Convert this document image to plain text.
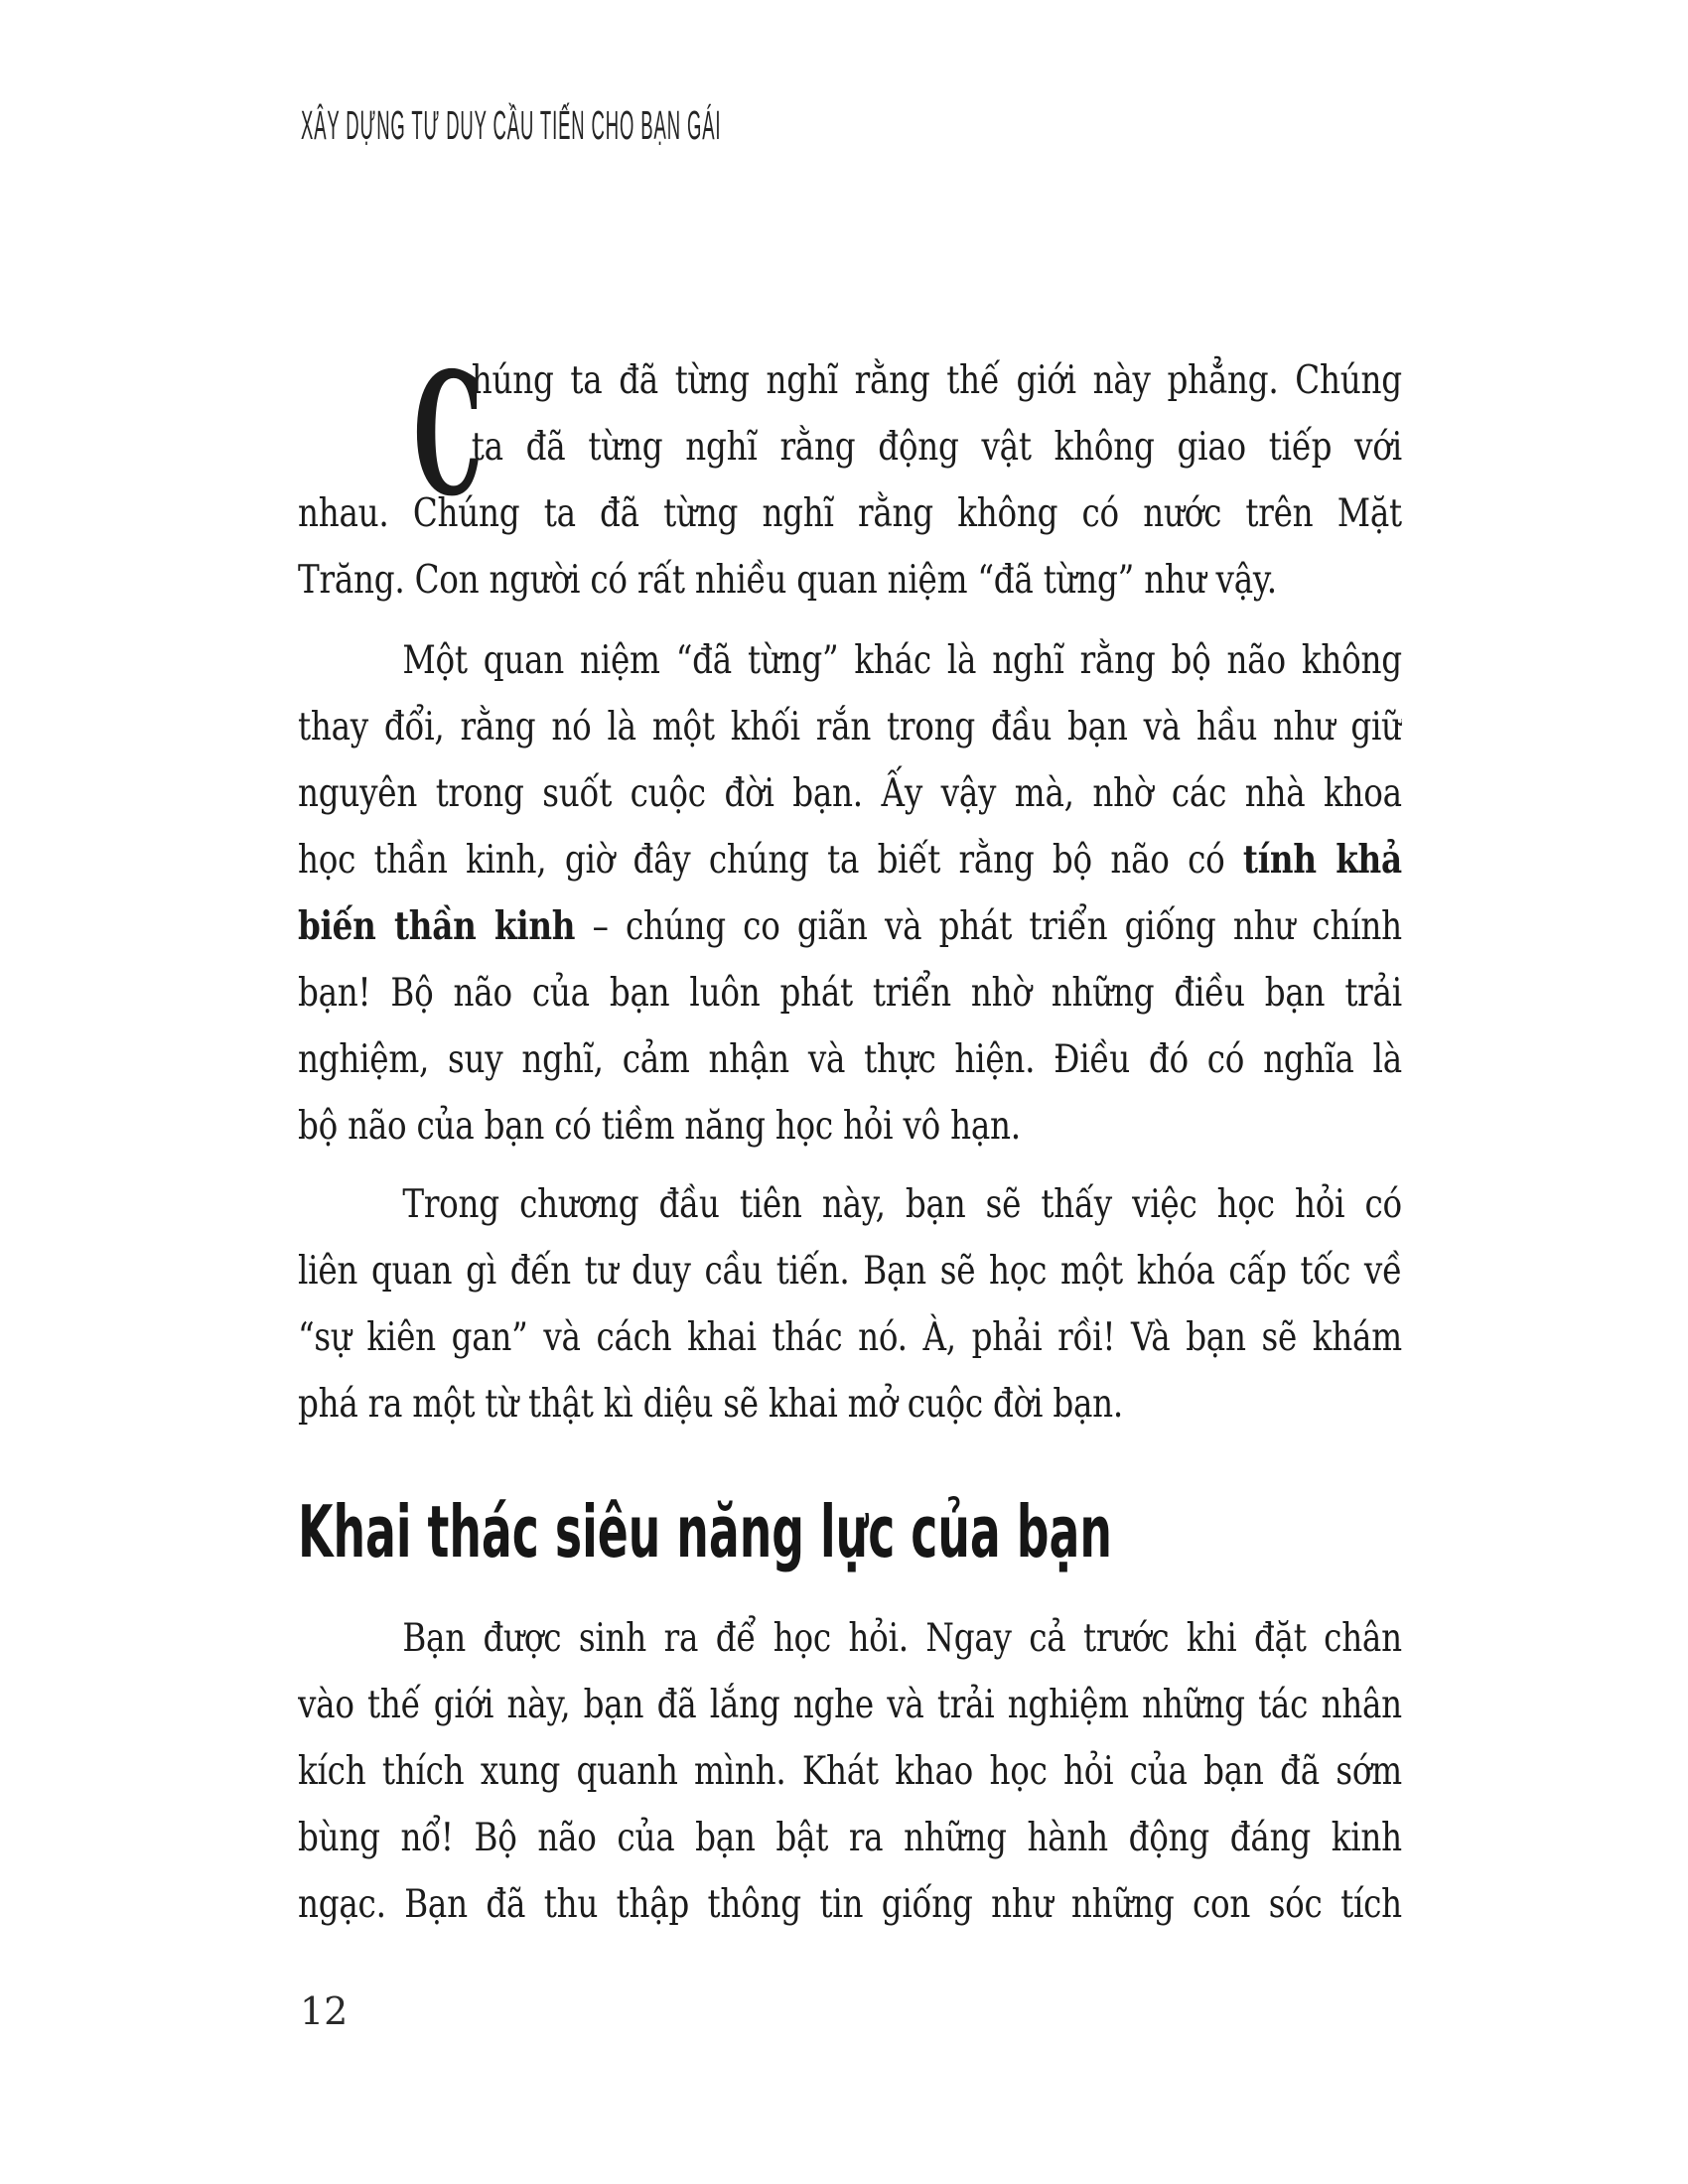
XÂY DỰNG TƯ DUY CẦU TIẾN CHO BẠN GÁI
C
húng ta đã từng nghĩ rằng thế giới này phẳng. Chúng
ta đã từng nghĩ rằng động vật không giao tiếp với
nhau. Chúng ta đã từng nghĩ rằng không có nước trên Mặt
Trăng. Con người có rất nhiều quan niệm “đã từng” như vậy.
Một quan niệm “đã từng” khác là nghĩ rằng bộ não không
thay đổi, rằng nó là một khối rắn trong đầu bạn và hầu như giữ
nguyên trong suốt cuộc đời bạn. Ấy vậy mà, nhờ các nhà khoa
học thần kinh, giờ đây chúng ta biết rằng bộ não có tính khả
biến thần kinh – chúng co giãn và phát triển giống như chính
bạn! Bộ não của bạn luôn phát triển nhờ những điều bạn trải
nghiệm, suy nghĩ, cảm nhận và thực hiện. Điều đó có nghĩa là
bộ não của bạn có tiềm năng học hỏi vô hạn.
Trong chương đầu tiên này, bạn sẽ thấy việc học hỏi có
liên quan gì đến tư duy cầu tiến. Bạn sẽ học một khóa cấp tốc về
“sự kiên gan” và cách khai thác nó. À, phải rồi! Và bạn sẽ khám
phá ra một từ thật kì diệu sẽ khai mở cuộc đời bạn.
Khai thác siêu năng lực của bạn
Bạn được sinh ra để học hỏi. Ngay cả trước khi đặt chân
vào thế giới này, bạn đã lắng nghe và trải nghiệm những tác nhân
kích thích xung quanh mình. Khát khao học hỏi của bạn đã sớm
bùng nổ! Bộ não của bạn bật ra những hành động đáng kinh
ngạc. Bạn đã thu thập thông tin giống như những con sóc tích
12
